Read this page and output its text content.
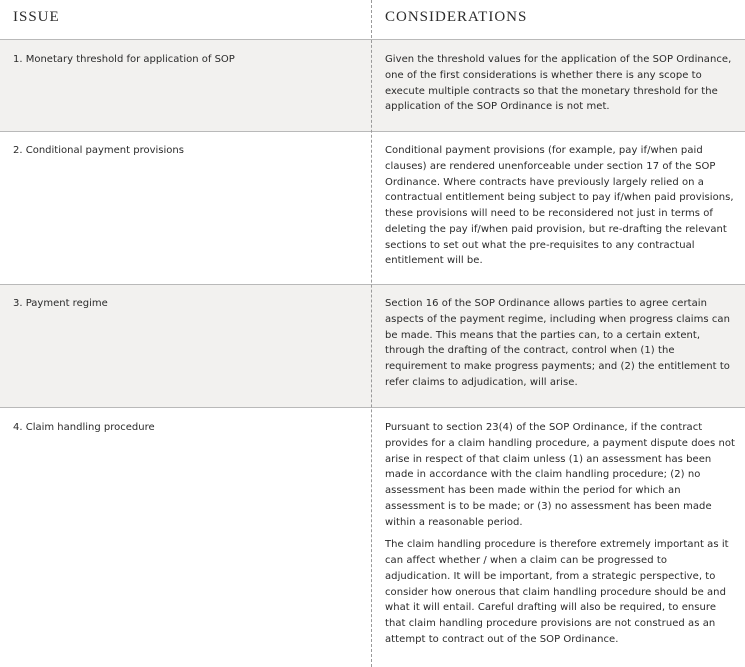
ISSUE	CONSIDERATIONS
1. Monetary threshold for application of SOP	Given the threshold values for the application of the SOP Ordinance, one of the first considerations is whether there is any scope to execute multiple contracts so that the monetary threshold for the application of the SOP Ordinance is not met.

2. Conditional payment provisions	Conditional payment provisions (for example, pay if/when paid clauses) are rendered unenforceable under section 17 of the SOP Ordinance. Where contracts have previously largely relied on a contractual entitlement being subject to pay if/when paid provisions, these provisions will need to be reconsidered not just in terms of deleting the pay if/when paid provision, but re-drafting the relevant sections to set out what the pre-requisites to any contractual entitlement will be.

3. Payment regime	Section 16 of the SOP Ordinance allows parties to agree certain aspects of the payment regime, including when progress claims can be made. This means that the parties can, to a certain extent, through the drafting of the contract, control when (1) the requirement to make progress payments; and (2) the entitlement to refer claims to adjudication, will arise.

4. Claim handling procedure	Pursuant to section 23(4) of the SOP Ordinance, if the contract provides for a claim handling procedure, a payment dispute does not arise in respect of that claim unless (1) an assessment has been made in accordance with the claim handling procedure; (2) no assessment has been made within the period for which an assessment is to be made; or (3) no assessment has been made within a reasonable period.

The claim handling procedure is therefore extremely important as it can affect whether / when a claim can be progressed to adjudication. It will be important, from a strategic perspective, to consider how onerous that claim handling procedure should be and what it will entail. Careful drafting will also be required, to ensure that claim handling procedure provisions are not construed as an attempt to contract out of the SOP Ordinance.
